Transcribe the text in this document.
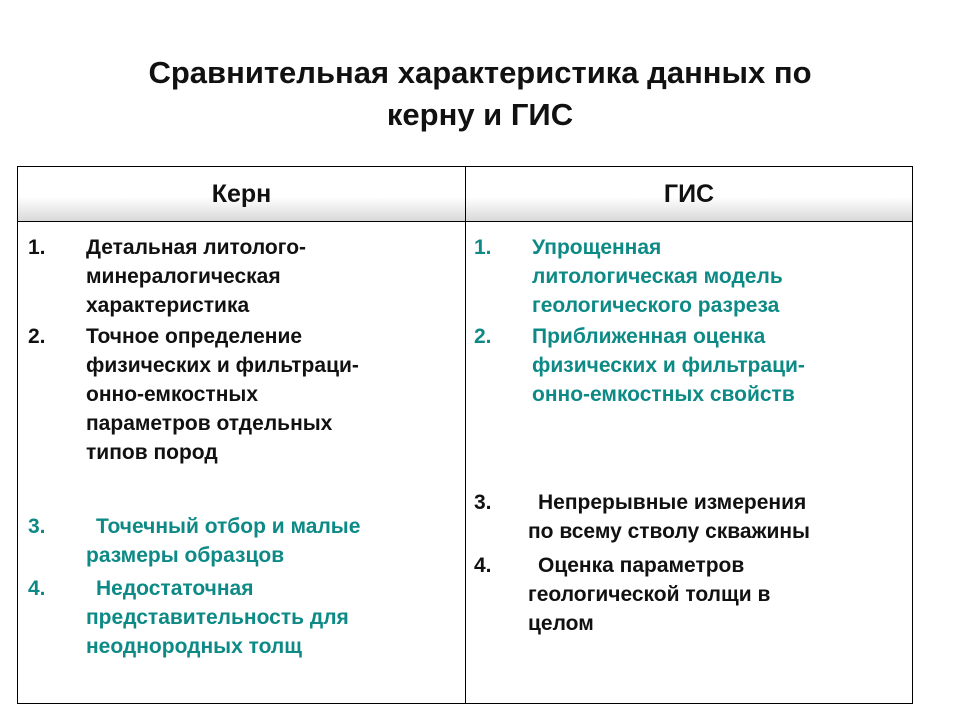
Сравнительная характеристика данных по
керну и ГИС
Керн	ГИС
1. Детальная литолого-
минералогическая
характеристика
2. Точное определение
физических и фильтраци-
онно-емкостных
параметров отдельных
типов пород
3. Точечный отбор и малые
размеры образцов
4. Недостаточная
представительность для
неоднородных толщ
1. Упрощенная
литологическая модель
геологического разреза
2. Приближенная оценка
физических и фильтраци-
онно-емкостных свойств
3. Непрерывные измерения
по всему стволу скважины
4. Оценка параметров
геологической толщи в
целом
